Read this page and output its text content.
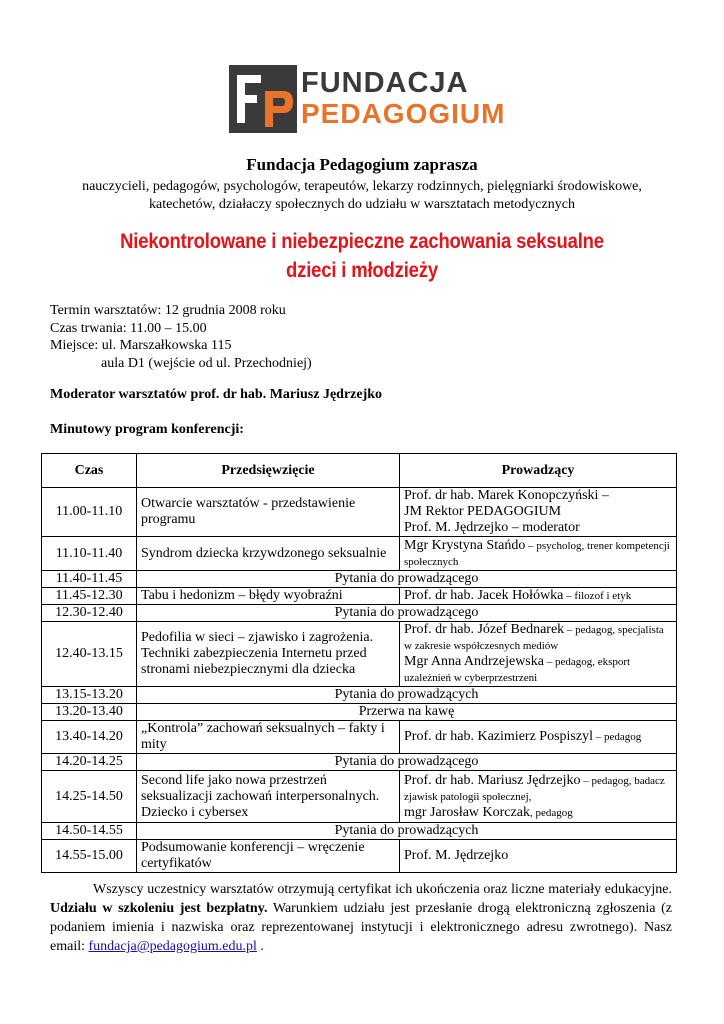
FUNDACJA
PEDAGOGIUM
Fundacja Pedagogium zaprasza
nauczycieli, pedagogów, psychologów, terapeutów, lekarzy rodzinnych, pielęgniarki środowiskowe,
katechetów, działaczy społecznych do udziału w warsztatach metodycznych
Niekontrolowane i niebezpieczne zachowania seksualne
dzieci i młodzieży
Termin warsztatów: 12 grudnia 2008 roku
Czas trwania: 11.00 – 15.00
Miejsce: ul. Marszałkowska 115
aula D1 (wejście od ul. Przechodniej)
Moderator warsztatów prof. dr hab. Mariusz Jędrzejko
Minutowy program konferencji:
Czas	Przedsięwzięcie	Prowadzący
11.00-11.10	Otwarcie warsztatów - przedstawienie programu	Prof. dr hab. Marek Konopczyński –
JM Rektor PEDAGOGIUM
Prof. M. Jędrzejko – moderator

11.10-11.40	Syndrom dziecka krzywdzonego seksualnie	Mgr Krystyna Stańdo – psycholog, trener kompetencji społecznych
11.40-11.45	Pytania do prowadzącego	
11.45-12.30	Tabu i hedonizm – błędy wyobraźni	Prof. dr hab. Jacek Hołówka – filozof i etyk
12.30-12.40	Pytania do prowadzącego	
12.40-13.15	Pedofilia w sieci – zjawisko i zagrożenia. Techniki zabezpieczenia Internetu przed stronami niebezpiecznymi dla dziecka	Prof. dr hab. Józef Bednarek – pedagog, specjalista w zakresie współczesnych mediów
Mgr Anna Andrzejewska – pedagog, eksport uzależnień w cyberprzestrzeni

13.15-13.20	Pytania do prowadzących	
13.20-13.40	Przerwa na kawę	
13.40-14.20	„Kontrola” zachowań seksualnych – fakty i mity	Prof. dr hab. Kazimierz Pospiszyl – pedagog
14.20-14.25	Pytania do prowadzącego	
14.25-14.50	Second life jako nowa przestrzeń seksualizacji zachowań interpersonalnych. Dziecko i cybersex	Prof. dr hab. Mariusz Jędrzejko – pedagog, badacz zjawisk patologii społecznej,
mgr Jarosław Korczak, pedagog

14.50-14.55	Pytania do prowadzących	
14.55-15.00	Podsumowanie konferencji – wręczenie certyfikatów	Prof. M. Jędrzejko
Wszyscy uczestnicy warsztatów otrzymują certyfikat ich ukończenia oraz liczne materiały edukacyjne. Udziału w szkoleniu jest bezpłatny. Warunkiem udziału jest przesłanie drogą elektroniczną zgłoszenia (z podaniem imienia i nazwiska oraz reprezentowanej instytucji i elektronicznego adresu zwrotnego). Nasz email: fundacja@pedagogium.edu.pl .
